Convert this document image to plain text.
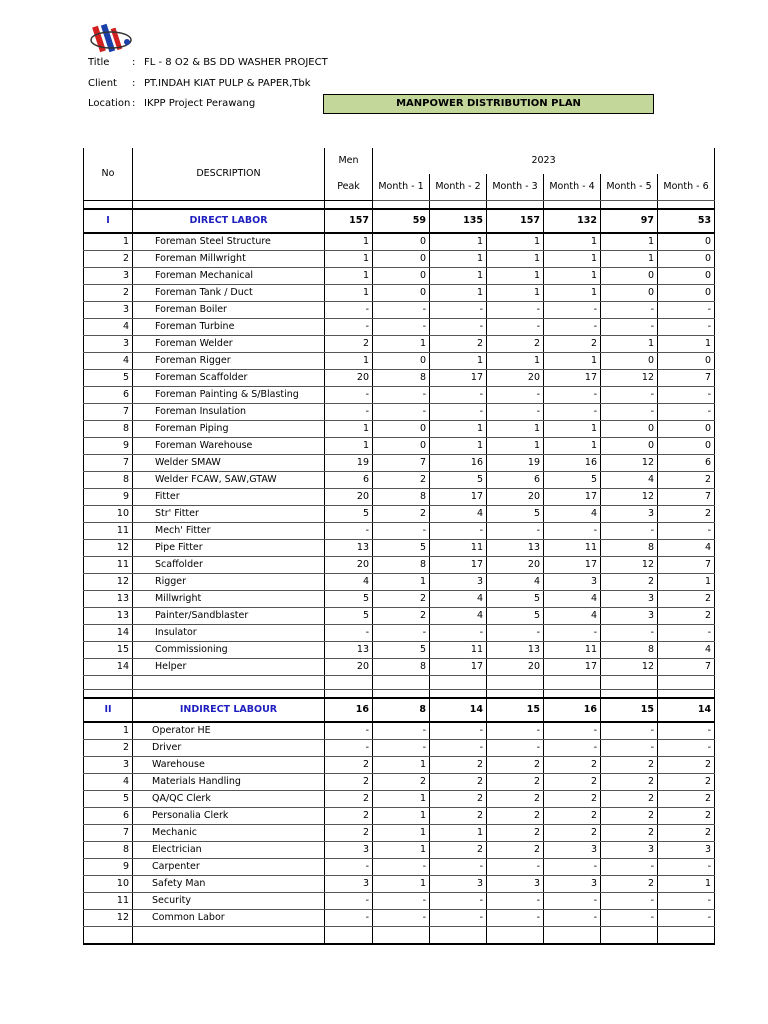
Title : FL - 8 O2 & BS DD WASHER PROJECT
Client : PT.INDAH KIAT PULP & PAPER,Tbk
Location : IKPP Project Perawang	MANPOWER DISTRIBUTION PLAN
No	DESCRIPTION	Men	2023					
		Peak	Month - 1	Month - 2	Month - 3	Month - 4	Month - 5	Month - 6

I	DIRECT LABOR	157	59	135	157	132	97	53
1	Foreman Steel Structure	1	0	1	1	1	1	0
2	Foreman Millwright	1	0	1	1	1	1	0
3	Foreman Mechanical	1	0	1	1	1	0	0
2	Foreman Tank / Duct	1	0	1	1	1	0	0
3	Foreman Boiler	-	-	-	-	-	-	-
4	Foreman Turbine	-	-	-	-	-	-	-
3	Foreman Welder	2	1	2	2	2	1	1
4	Foreman Rigger	1	0	1	1	1	0	0
5	Foreman Scaffolder	20	8	17	20	17	12	7
6	Foreman Painting & S/Blasting	-	-	-	-	-	-	-
7	Foreman Insulation	-	-	-	-	-	-	-
8	Foreman Piping	1	0	1	1	1	0	0
9	Foreman Warehouse	1	0	1	1	1	0	0
7	Welder SMAW	19	7	16	19	16	12	6
8	Welder FCAW, SAW,GTAW	6	2	5	6	5	4	2
9	Fitter	20	8	17	20	17	12	7
10	Str' Fitter	5	2	4	5	4	3	2
11	Mech' Fitter	-	-	-	-	-	-	-
12	Pipe Fitter	13	5	11	13	11	8	4
11	Scaffolder	20	8	17	20	17	12	7
12	Rigger	4	1	3	4	3	2	1
13	Millwright	5	2	4	5	4	3	2
13	Painter/Sandblaster	5	2	4	5	4	3	2
14	Insulator	-	-	-	-	-	-	-
15	Commissioning	13	5	11	13	11	8	4
14	Helper	20	8	17	20	17	12	7

II	INDIRECT LABOUR	16	8	14	15	16	15	14
1	Operator HE	-	-	-	-	-	-	-
2	Driver	-	-	-	-	-	-	-
3	Warehouse	2	1	2	2	2	2	2
4	Materials Handling	2	2	2	2	2	2	2
5	QA/QC Clerk	2	1	2	2	2	2	2
6	Personalia Clerk	2	1	2	2	2	2	2
7	Mechanic	2	1	1	2	2	2	2
8	Electrician	3	1	2	2	3	3	3
9	Carpenter	-	-	-	-	-	-	-
10	Safety Man	3	1	3	3	3	2	1
11	Security	-	-	-	-	-	-	-
12	Common Labor	-	-	-	-	-	-	-
